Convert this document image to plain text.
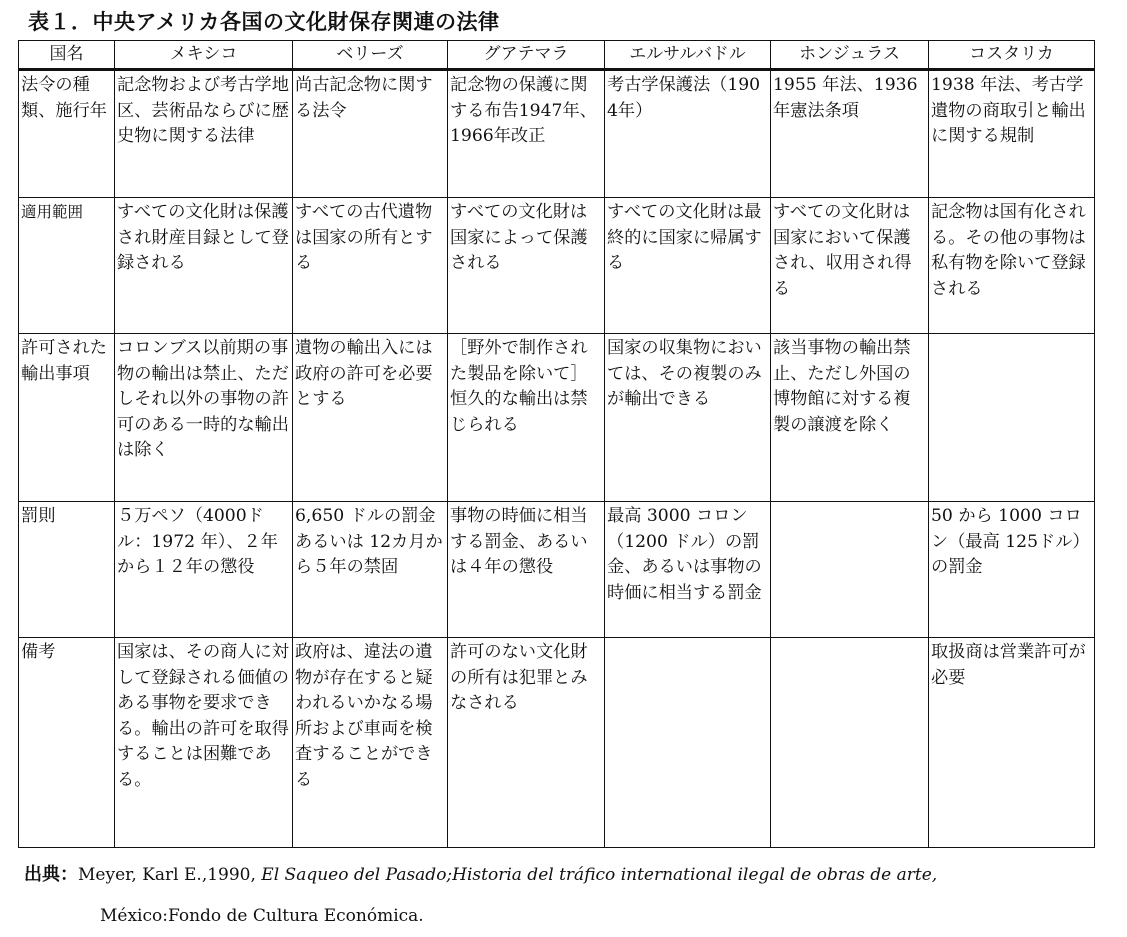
表１．中央アメリカ各国の文化財保存関連の法律
国名	メキシコ	ベリーズ	グアテマラ	エルサルバドル	ホンジュラス	コスタリカ
法令の種類、施行年	記念物および考古学地区、芸術品ならびに歴史物に関する法律	尚古記念物に関する法令	記念物の保護に関する布告1947年、1966年改正	考古学保護法（1904年）	1955 年法、1936 年憲法条項	1938 年法、考古学遺物の商取引と輸出に関する規制
適用範囲	すべての文化財は保護され財産目録として登録される	すべての古代遺物は国家の所有とする	すべての文化財は国家によって保護される	すべての文化財は最終的に国家に帰属する	すべての文化財は国家において保護され、収用され得る	記念物は国有化される。その他の事物は私有物を除いて登録される
許可された輸出事項	コロンブス以前期の事物の輸出は禁止、ただしそれ以外の事物の許可のある一時的な輸出は除く	遺物の輸出入には政府の許可を必要とする	［野外で制作された製品を除いて］恒久的な輸出は禁じられる	国家の収集物においては、その複製のみが輸出できる	該当事物の輸出禁止、ただし外国の博物館に対する複製の譲渡を除く	
罰則	５万ペソ（4000ドル：1972 年）、２年から１２年の懲役	6,650 ドルの罰金あるいは 12カ月から５年の禁固	事物の時価に相当する罰金、あるいは４年の懲役	最高 3000 コロン（1200 ドル）の罰金、あるいは事物の時価に相当する罰金		50 から 1000 コロン（最高 125ドル）の罰金
備考	国家は、その商人に対して登録される価値のある事物を要求できる。輸出の許可を取得することは困難である。	政府は、違法の遺物が存在すると疑われるいかなる場所および車両を検査することができる	許可のない文化財の所有は犯罪とみなされる			取扱商は営業許可が必要
出典：Meyer, Karl E.,1990, El Saqueo del Pasado;Historia del tráfico international ilegal de obras de arte,
México:Fondo de Cultura Económica.
